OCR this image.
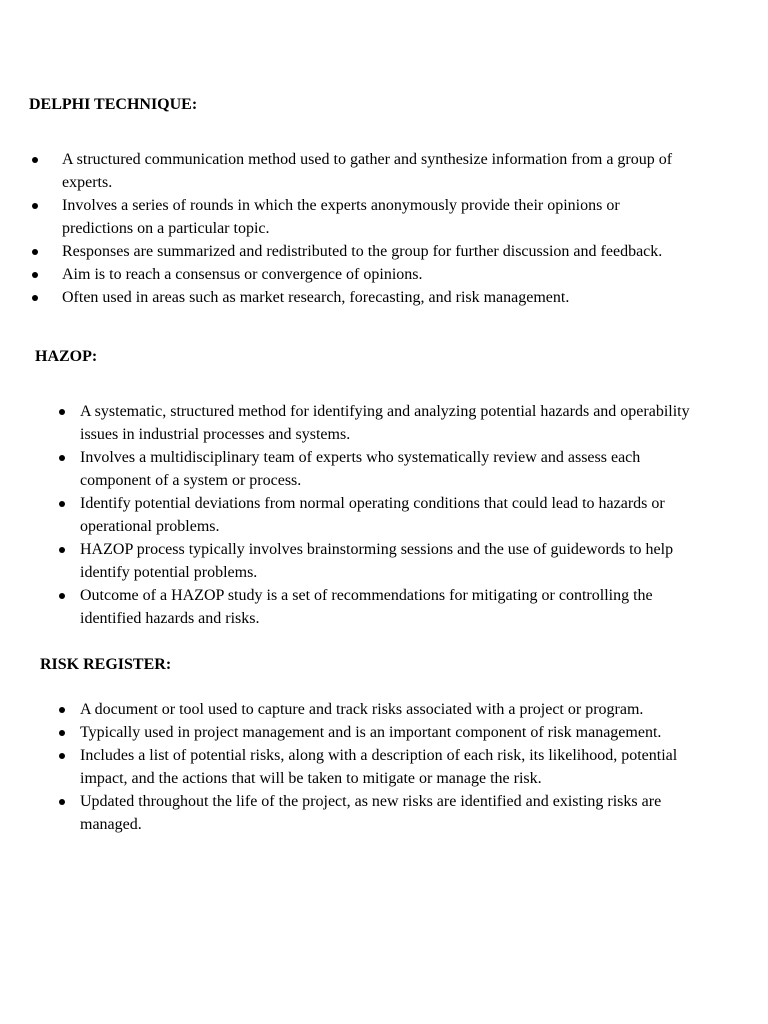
DELPHI TECHNIQUE:
A structured communication method used to gather and synthesize information from a group of experts.
Involves a series of rounds in which the experts anonymously provide their opinions or predictions on a particular topic.
Responses are summarized and redistributed to the group for further discussion and feedback.
Aim is to reach a consensus or convergence of opinions.
Often used in areas such as market research, forecasting, and risk management.
HAZOP:
A systematic, structured method for identifying and analyzing potential hazards and operability issues in industrial processes and systems.
Involves a multidisciplinary team of experts who systematically review and assess each component of a system or process.
Identify potential deviations from normal operating conditions that could lead to hazards or operational problems.
HAZOP process typically involves brainstorming sessions and the use of guidewords to help identify potential problems.
Outcome of a HAZOP study is a set of recommendations for mitigating or controlling the identified hazards and risks.
RISK REGISTER:
A document or tool used to capture and track risks associated with a project or program.
Typically used in project management and is an important component of risk management.
Includes a list of potential risks, along with a description of each risk, its likelihood, potential impact, and the actions that will be taken to mitigate or manage the risk.
Updated throughout the life of the project, as new risks are identified and existing risks are managed.
